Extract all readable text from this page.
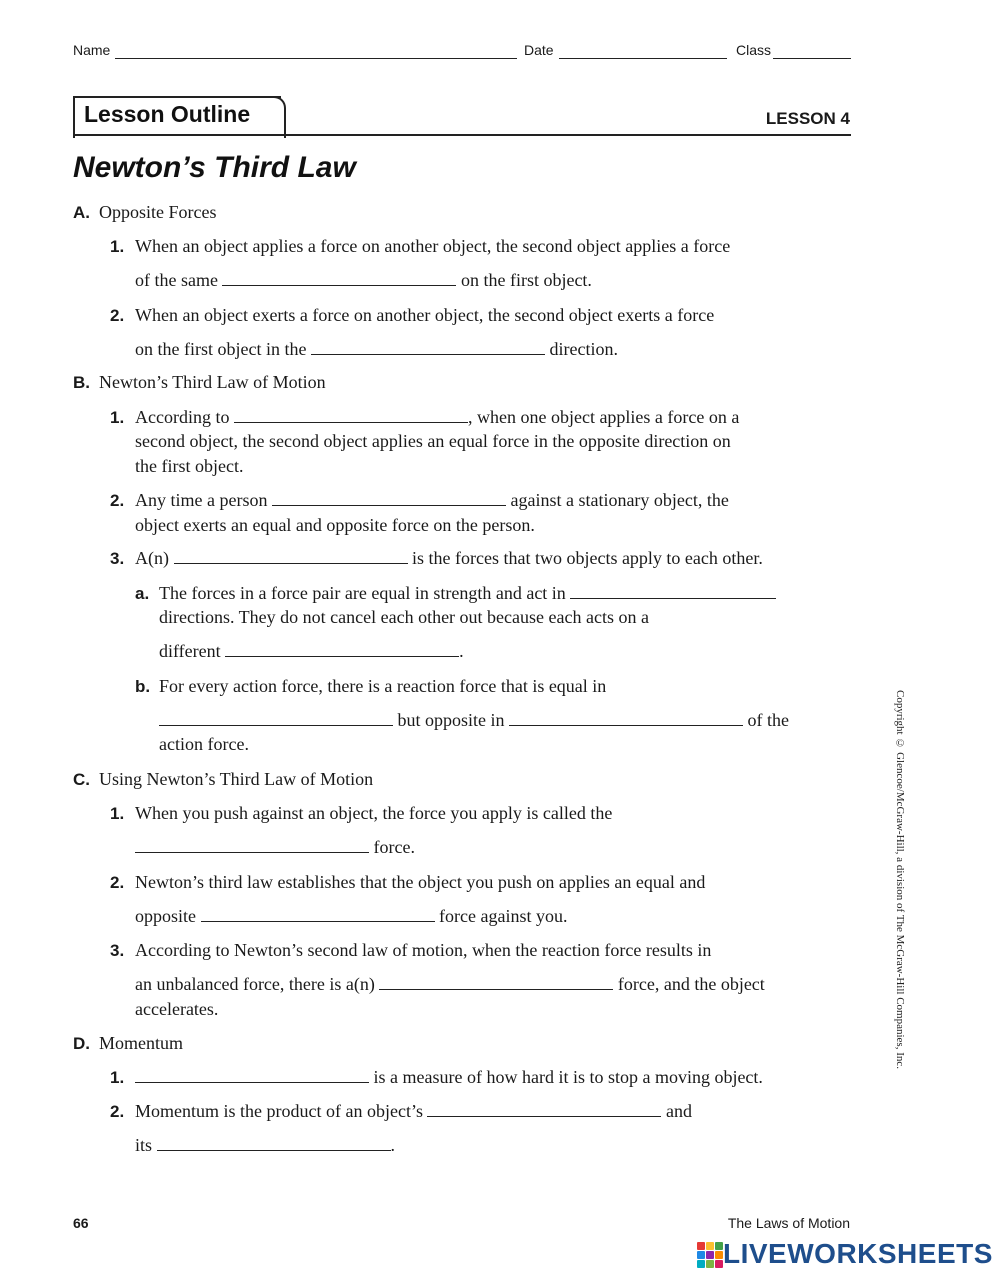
Name	Date	Class
Lesson Outline	LESSON 4
Newton’s Third Law
A. Opposite Forces
1. When an object applies a force on another object, the second object applies a force
of the same	on the first object.
2. When an object exerts a force on another object, the second object exerts a force
on the first object in the	direction.
B. Newton’s Third Law of Motion
1. According to	, when one object applies a force on a
second object, the second object applies an equal force in the opposite direction on
the first object.
2. Any time a person	against a stationary object, the
object exerts an equal and opposite force on the person.
3. A(n)	is the forces that two objects apply to each other.
a. The forces in a force pair are equal in strength and act in
directions. They do not cancel each other out because each acts on a
different	.
b. For every action force, there is a reaction force that is equal in
but opposite in	of the
action force.
C. Using Newton’s Third Law of Motion
1. When you push against an object, the force you apply is called the
force.
2. Newton’s third law establishes that the object you push on applies an equal and
opposite	force against you.
3. According to Newton’s second law of motion, when the reaction force results in
an unbalanced force, there is a(n)	force, and the object
accelerates.
D. Momentum
1.	is a measure of how hard it is to stop a moving object.
2. Momentum is the product of an object’s	and
its	.
Copyright © Glencoe/McGraw-Hill, a division of The McGraw-Hill Companies, Inc.
66	The Laws of Motion
LIVEWORKSHEETS
